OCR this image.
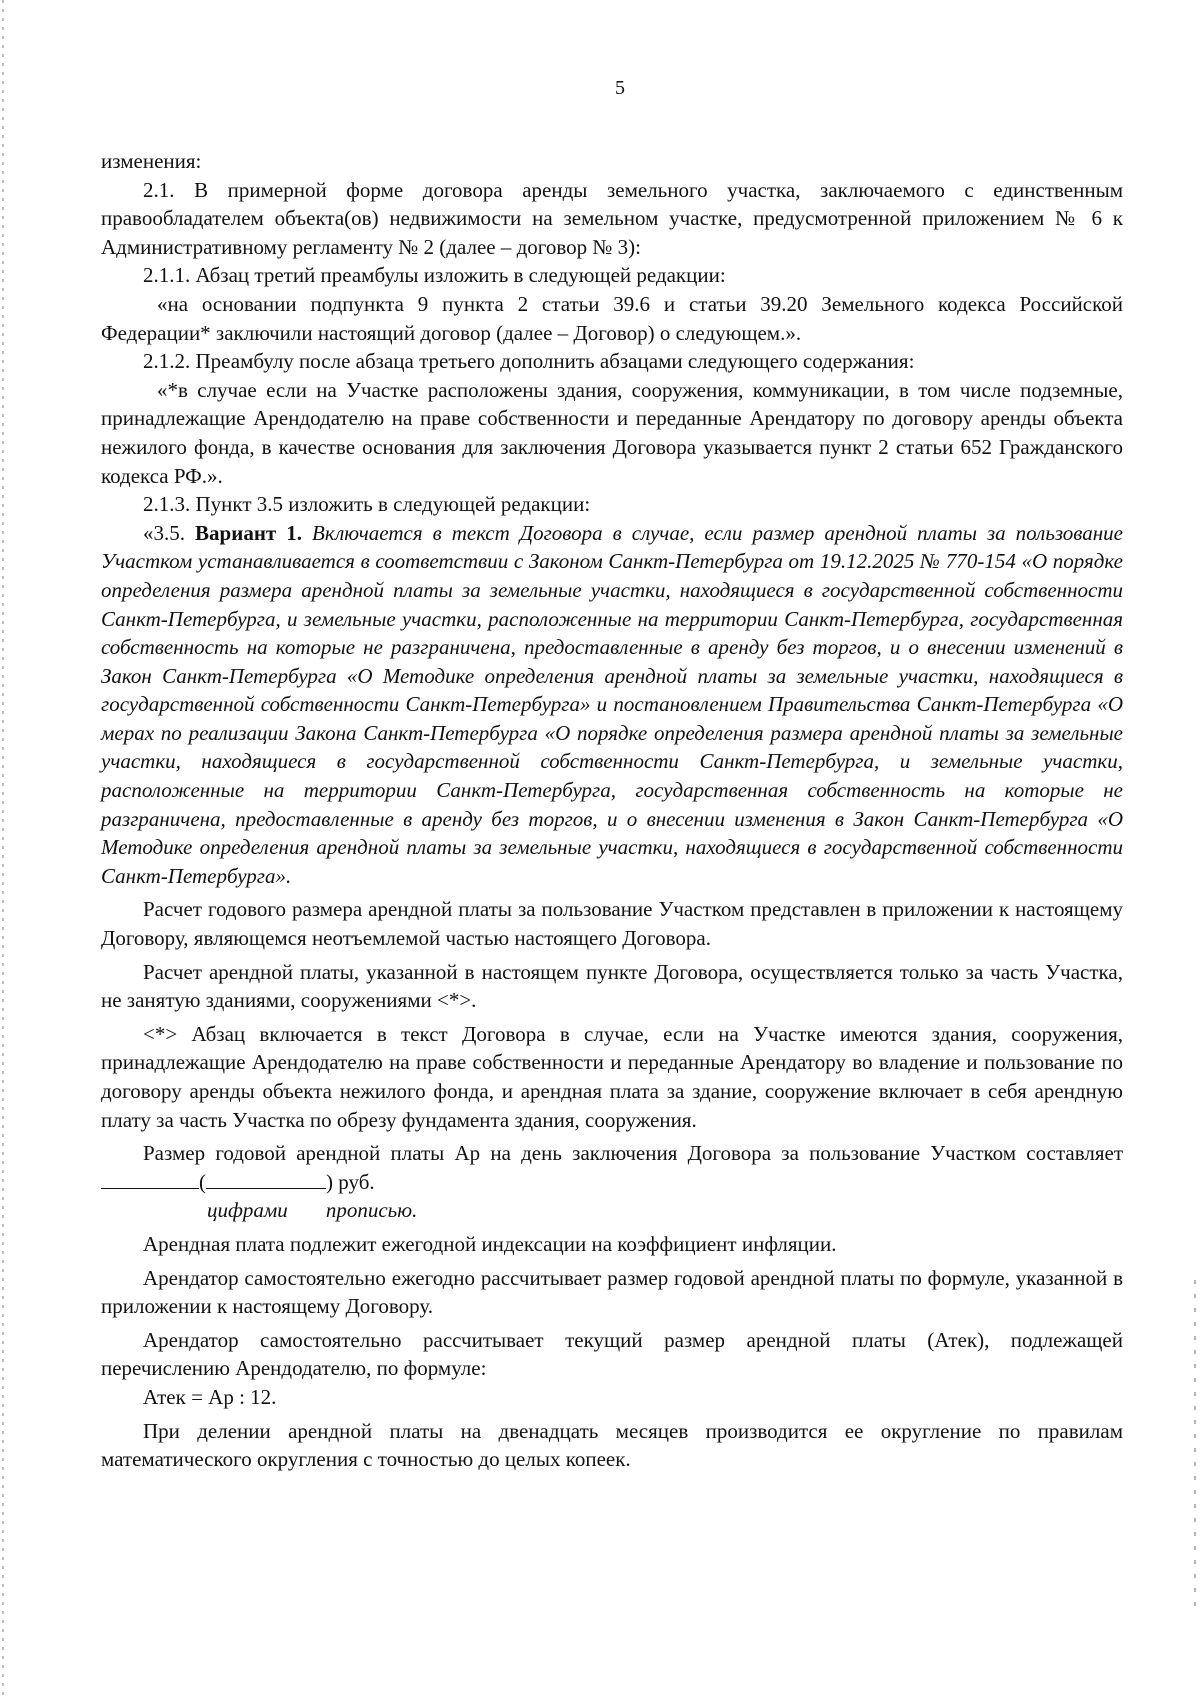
5

изменения:

2.1. В примерной форме договора аренды земельного участка, заключаемого с единственным правообладателем объекта(ов) недвижимости на земельном участке, предусмотренной приложением № 6 к Административному регламенту № 2 (далее – договор № 3):

2.1.1. Абзац третий преамбулы изложить в следующей редакции:

«на основании подпункта 9 пункта 2 статьи 39.6 и статьи 39.20 Земельного кодекса Российской Федерации* заключили настоящий договор (далее – Договор) о следующем.».

2.1.2. Преамбулу после абзаца третьего дополнить абзацами следующего содержания:

«*в случае если на Участке расположены здания, сооружения, коммуникации, в том числе подземные, принадлежащие Арендодателю на праве собственности и переданные Арендатору по договору аренды объекта нежилого фонда, в качестве основания для заключения Договора указывается пункт 2 статьи 652 Гражданского кодекса РФ.».

2.1.3. Пункт 3.5 изложить в следующей редакции:

«3.5. Вариант 1. Включается в текст Договора в случае, если размер арендной платы за пользование Участком устанавливается в соответствии с Законом Санкт-Петербурга от 19.12.2025 № 770-154 «О порядке определения размера арендной платы за земельные участки, находящиеся в государственной собственности Санкт-Петербурга, и земельные участки, расположенные на территории Санкт-Петербурга, государственная собственность на которые не разграничена, предоставленные в аренду без торгов, и о внесении изменений в Закон Санкт-Петербурга «О Методике определения арендной платы за земельные участки, находящиеся в государственной собственности Санкт-Петербурга» и постановлением Правительства Санкт-Петербурга «О мерах по реализации Закона Санкт-Петербурга «О порядке определения размера арендной платы за земельные участки, находящиеся в государственной собственности Санкт-Петербурга, и земельные участки, расположенные на территории Санкт-Петербурга, государственная собственность на которые не разграничена, предоставленные в аренду без торгов, и о внесении изменения в Закон Санкт-Петербурга «О Методике определения арендной платы за земельные участки, находящиеся в государственной собственности Санкт-Петербурга».

Расчет годового размера арендной платы за пользование Участком представлен в приложении к настоящему Договору, являющемся неотъемлемой частью настоящего Договора.

Расчет арендной платы, указанной в настоящем пункте Договора, осуществляется только за часть Участка, не занятую зданиями, сооружениями <*>.

<*> Абзац включается в текст Договора в случае, если на Участке имеются здания, сооружения, принадлежащие Арендодателю на праве собственности и переданные Арендатору во владение и пользование по договору аренды объекта нежилого фонда, и арендная плата за здание, сооружение включает в себя арендную плату за часть Участка по обрезу фундамента здания, сооружения.

Размер годовой арендной платы Ар на день заключения Договора за пользование Участком составляет(	) руб.

цифрами прописью.

Арендная плата подлежит ежегодной индексации на коэффициент инфляции.

Арендатор самостоятельно ежегодно рассчитывает размер годовой арендной платы по формуле, указанной в приложении к настоящему Договору.

Арендатор самостоятельно рассчитывает текущий размер арендной платы (Атек), подлежащей перечислению Арендодателю, по формуле:

Атек = Ар : 12.

При делении арендной платы на двенадцать месяцев производится ее округление по правилам математического округления с точностью до целых копеек.
